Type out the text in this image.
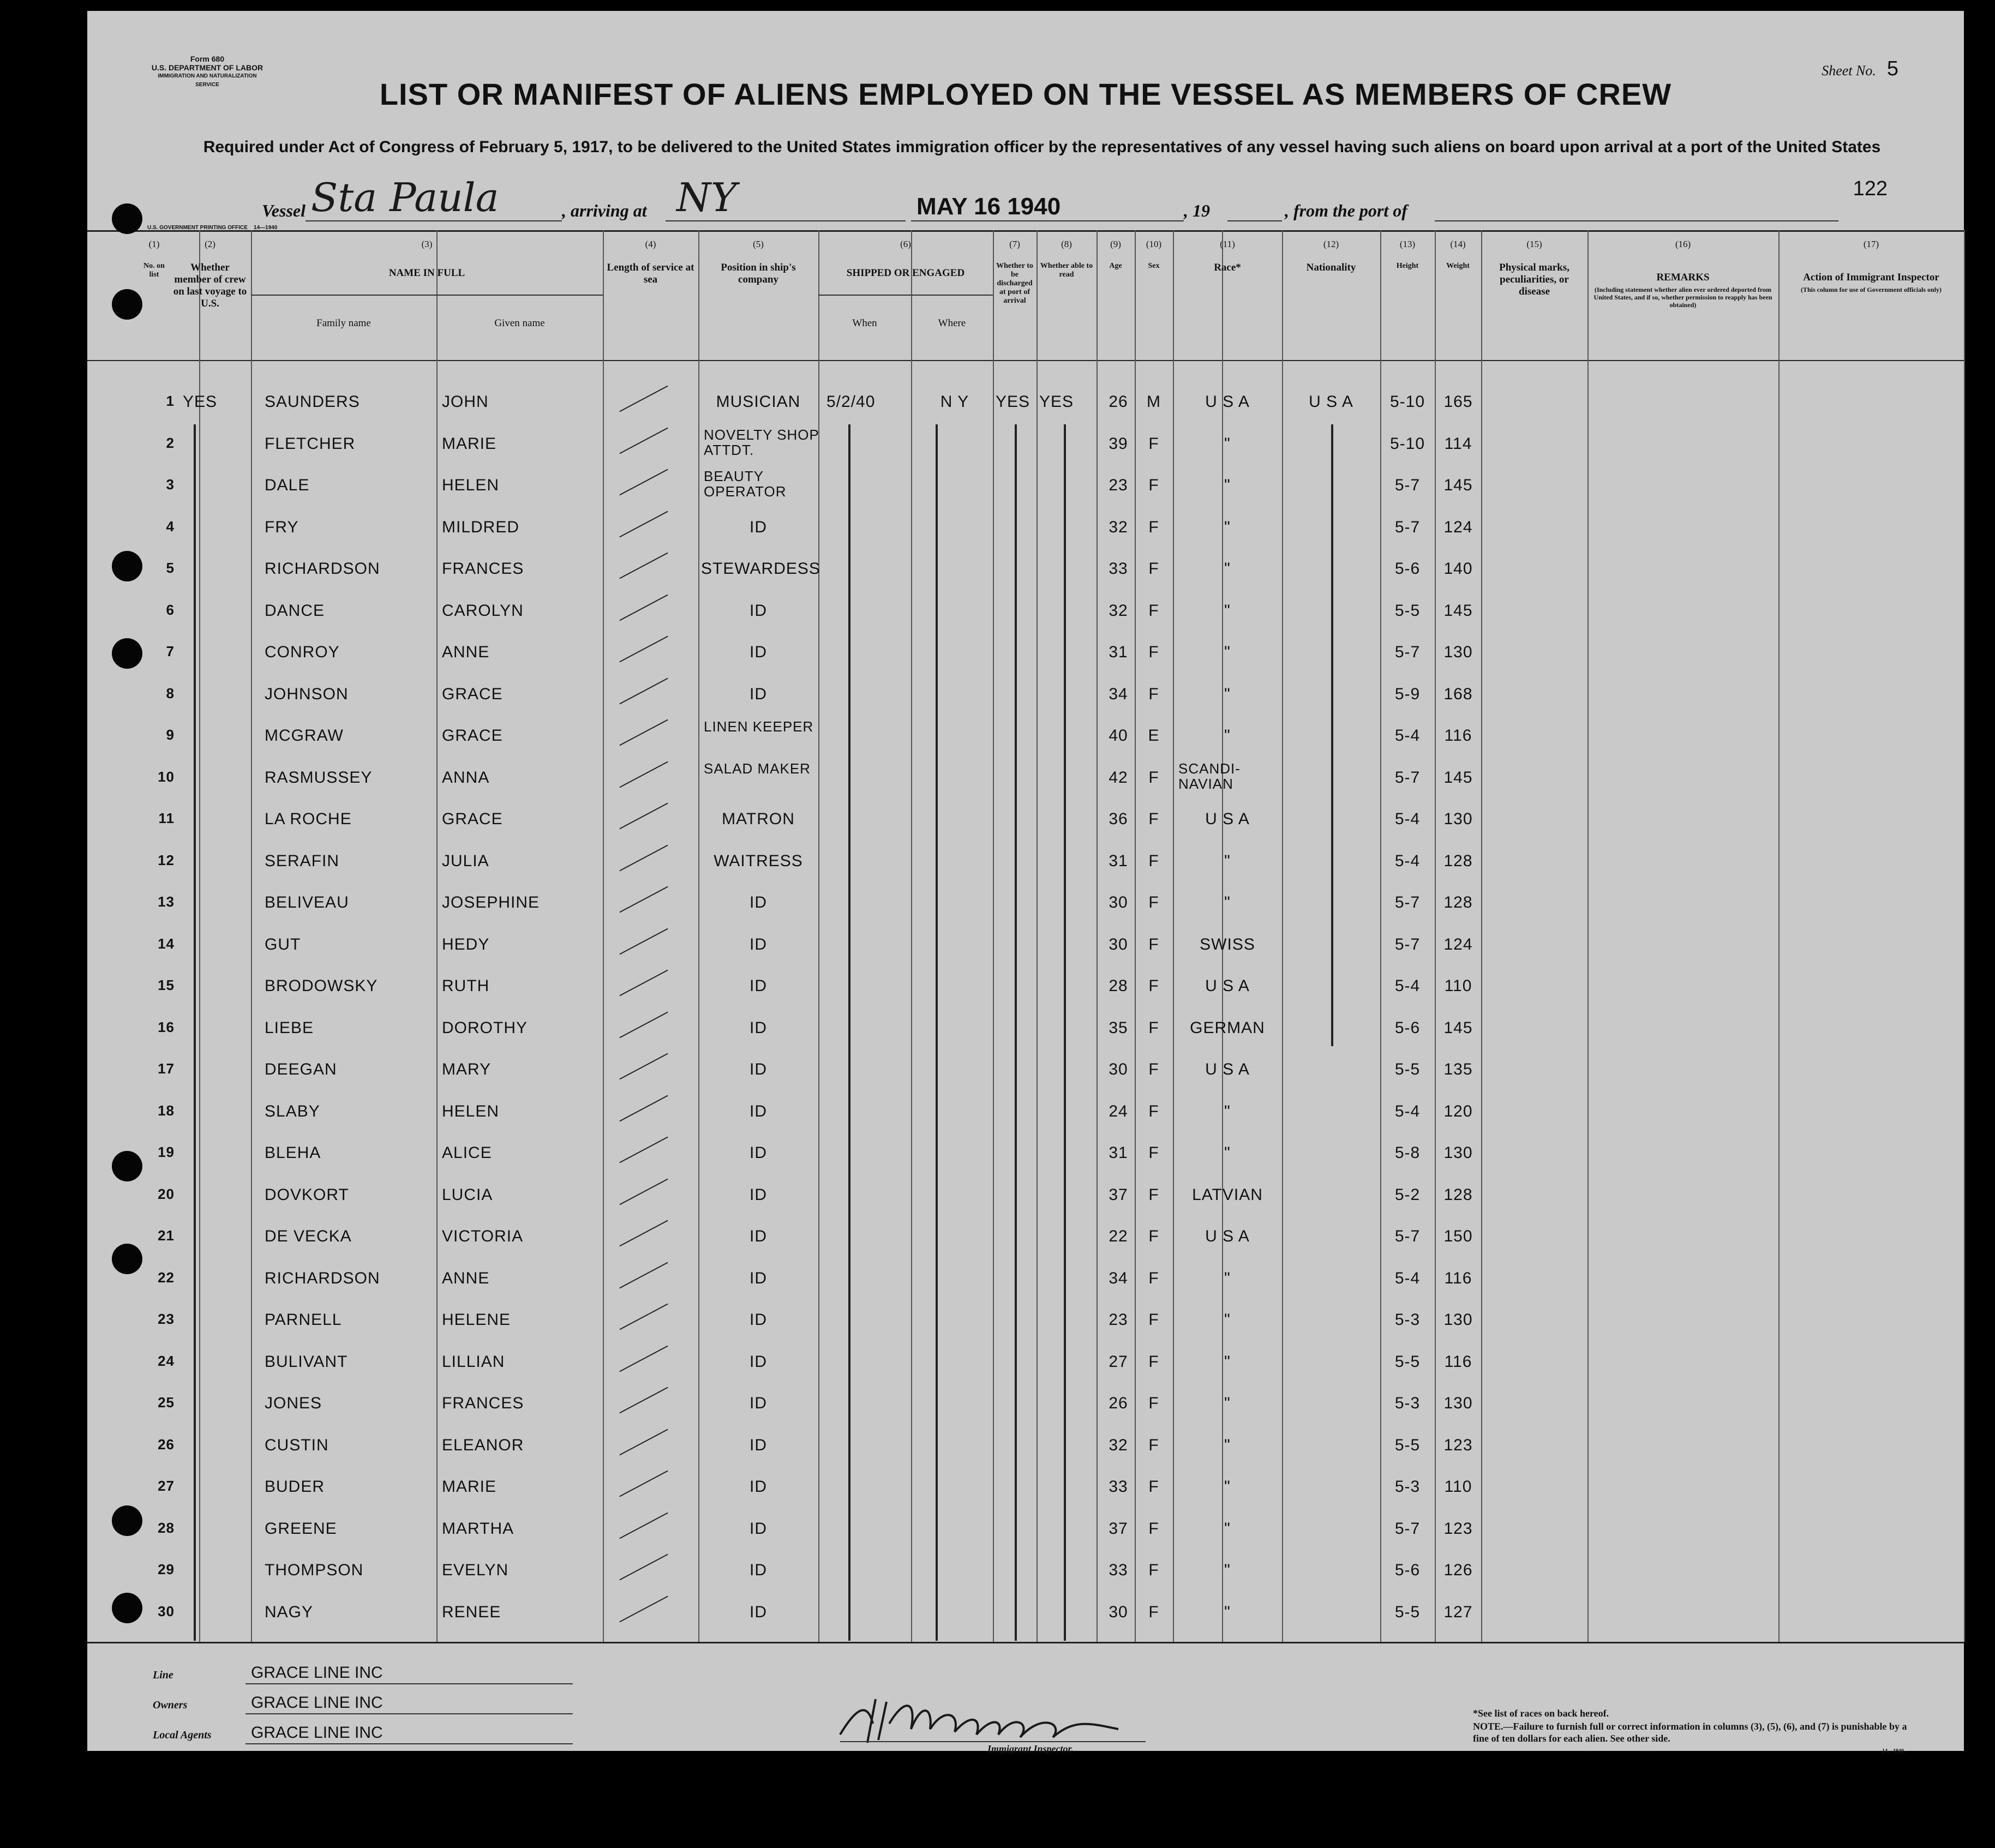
Form 680
U.S. DEPARTMENT OF LABOR
IMMIGRATION AND NATURALIZATION SERVICE
Sheet No. 5
LIST OR MANIFEST OF ALIENS EMPLOYED ON THE VESSEL AS MEMBERS OF CREW
Required under Act of Congress of February 5, 1917, to be delivered to the United States immigration officer by the representatives of any vessel having such aliens on board upon arrival at a port of the United States
122
Vessel Sta Paula	, arriving at NY	MAY 16 1940	, 19	, from the port of
U.S. GOVERNMENT PRINTING OFFICE 14—1940
(1)
No. on list
(2)
Whether member of crew on last voyage to U.S.
(3)
NAME IN FULL
Family name	Given name
(4)
Length of service at sea
(5)
Position in ship's company
(6)
SHIPPED OR ENGAGED
When	Where
(7)
Whether to be discharged at port of arrival
(8)
Whether able to read
(9)
Age
(10)
Sex
(11)
Race*
(12)
Nationality
(13)
Height
(14)
Weight
(15)
Physical marks, peculiarities, or disease
(16)
REMARKS
(Including statement whether alien ever ordered deported from United States, and if so, whether permission to reapply has been obtained)
(17)
Action of Immigrant Inspector
(This column for use of Government officials only)
1 YES	SAUNDERS	JOHN	MUSICIAN	5/2/40	N Y	YES YES	26	M	U S A	U S A	5-10	165
2	FLETCHER	MARIE	NOVELTY SHOP ATTDT.	39	F	"	5-10	114
3	DALE	HELEN	BEAUTY OPERATOR	23	F	"	5-7	145
4	FRY	MILDRED	ID	32	F	"	5-7	124
5	RICHARDSON	FRANCES	STEWARDESS	33	F	"	5-6	140
6	DANCE	CAROLYN	ID	32	F	"	5-5	145
7	CONROY	ANNE	ID	31	F	"	5-7	130
8	JOHNSON	GRACE	ID	34	F	"	5-9	168
9	MCGRAW	GRACE	LINEN KEEPER	40	E	"	5-4	116
10	RASMUSSEY	ANNA	SALAD MAKER	42	F	SCANDI- NAVIAN	5-7	145
11	LA ROCHE	GRACE	MATRON	36	F	U S A	5-4	130
12	SERAFIN	JULIA	WAITRESS	31	F	"	5-4	128
13	BELIVEAU	JOSEPHINE	ID	30	F	"	5-7	128
14	GUT	HEDY	ID	30	F	SWISS	5-7	124
15	BRODOWSKY	RUTH	ID	28	F	U S A	5-4	110
16	LIEBE	DOROTHY	ID	35	F	GERMAN	5-6	145
17	DEEGAN	MARY	ID	30	F	U S A	5-5	135
18	SLABY	HELEN	ID	24	F	"	5-4	120
19	BLEHA	ALICE	ID	31	F	"	5-8	130
20	DOVKORT	LUCIA	ID	37	F	LATVIAN	5-2	128
21	DE VECKA	VICTORIA	ID	22	F	U S A	5-7	150
22	RICHARDSON	ANNE	ID	34	F	"	5-4	116
23	PARNELL	HELENE	ID	23	F	"	5-3	130
24	BULIVANT	LILLIAN	ID	27	F	"	5-5	116
25	JONES	FRANCES	ID	26	F	"	5-3	130
26	CUSTIN	ELEANOR	ID	32	F	"	5-5	123
27	BUDER	MARIE	ID	33	F	"	5-3	110
28	GREENE	MARTHA	ID	37	F	"	5-7	123
29	THOMPSON	EVELYN	ID	33	F	"	5-6	126
30	NAGY	RENEE	ID	30	F	"	5-5	127
Line	GRACE LINE INC
Owners	GRACE LINE INC
Local Agents GRACE LINE INC
Immigrant Inspector.
*See list of races on back hereof.
NOTE.—Failure to furnish full or correct information in columns (3), (5), (6), and (7) is punishable by a fine of ten dollars for each alien. See other side.
14—1940
